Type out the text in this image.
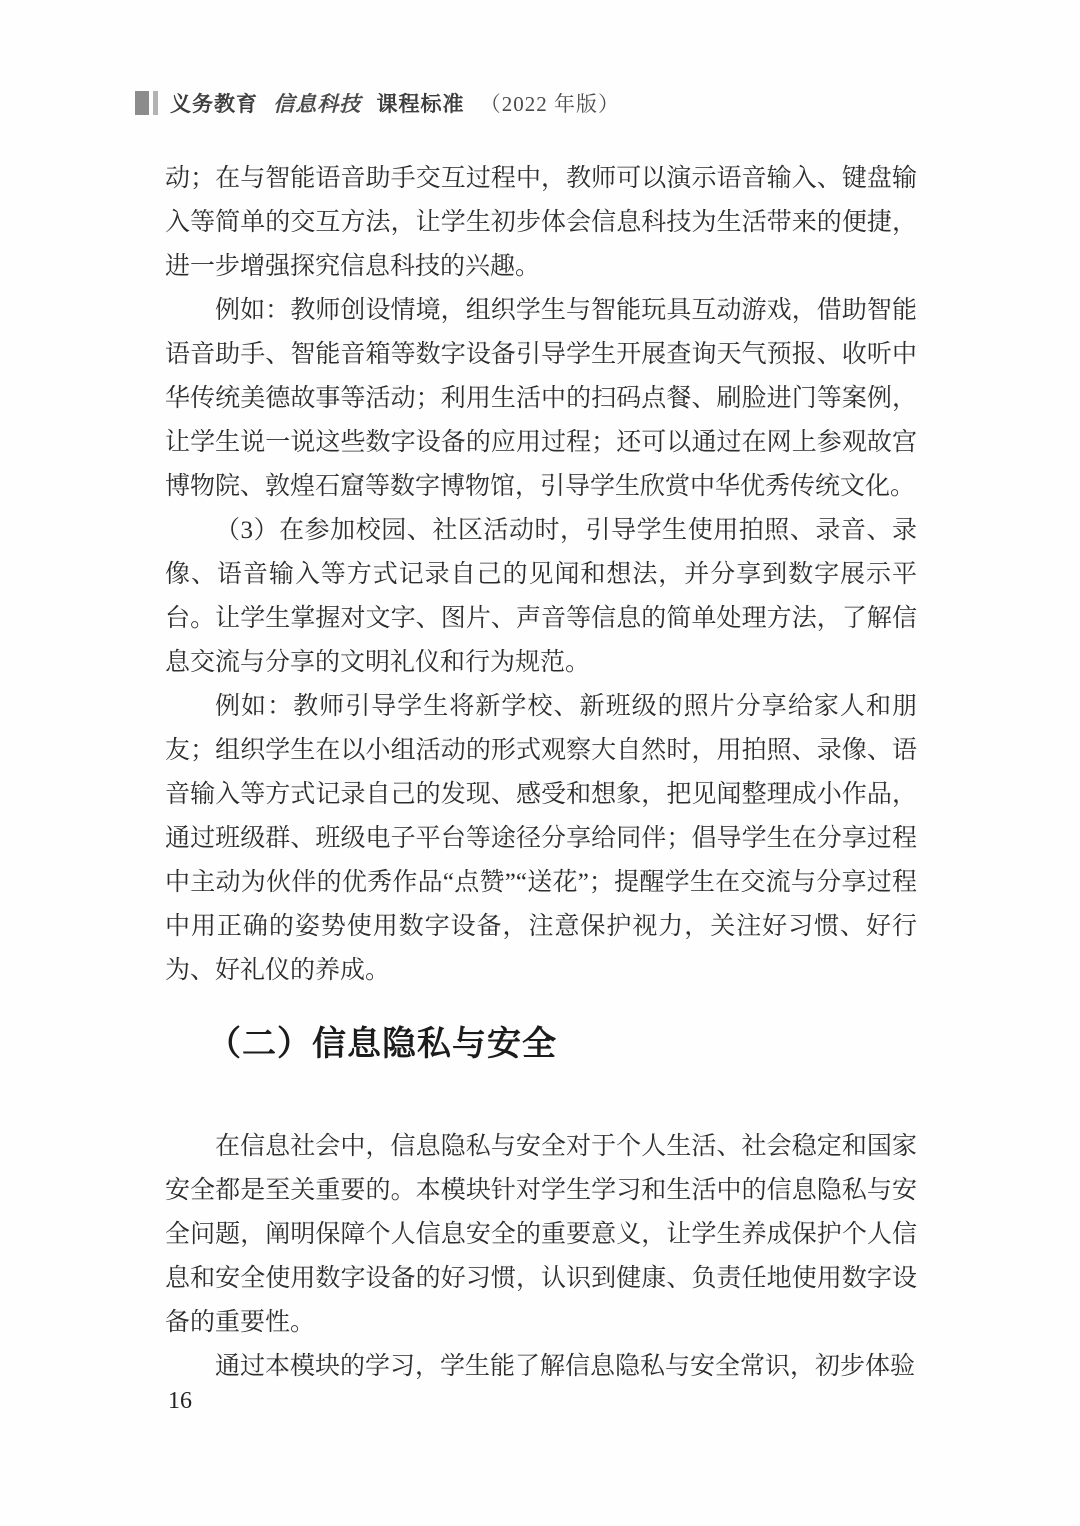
义务教育 信息科技 课程标准 （2022 年版）

动；在与智能语音助手交互过程中，教师可以演示语音输入、键盘输入等简单的交互方法，让学生初步体会信息科技为生活带来的便捷，进一步增强探究信息科技的兴趣。

例如：教师创设情境，组织学生与智能玩具互动游戏，借助智能语音助手、智能音箱等数字设备引导学生开展查询天气预报、收听中华传统美德故事等活动；利用生活中的扫码点餐、刷脸进门等案例，让学生说一说这些数字设备的应用过程；还可以通过在网上参观故宫博物院、敦煌石窟等数字博物馆，引导学生欣赏中华优秀传统文化。

（3）在参加校园、社区活动时，引导学生使用拍照、录音、录像、语音输入等方式记录自己的见闻和想法，并分享到数字展示平台。让学生掌握对文字、图片、声音等信息的简单处理方法，了解信息交流与分享的文明礼仪和行为规范。

例如：教师引导学生将新学校、新班级的照片分享给家人和朋友；组织学生在以小组活动的形式观察大自然时，用拍照、录像、语音输入等方式记录自己的发现、感受和想象，把见闻整理成小作品，通过班级群、班级电子平台等途径分享给同伴；倡导学生在分享过程中主动为伙伴的优秀作品“点赞”“送花”；提醒学生在交流与分享过程中用正确的姿势使用数字设备，注意保护视力，关注好习惯、好行为、好礼仪的养成。

（二）信息隐私与安全

在信息社会中，信息隐私与安全对于个人生活、社会稳定和国家安全都是至关重要的。本模块针对学生学习和生活中的信息隐私与安全问题，阐明保障个人信息安全的重要意义，让学生养成保护个人信息和安全使用数字设备的好习惯，认识到健康、负责任地使用数字设备的重要性。

通过本模块的学习，学生能了解信息隐私与安全常识，初步体验

16
